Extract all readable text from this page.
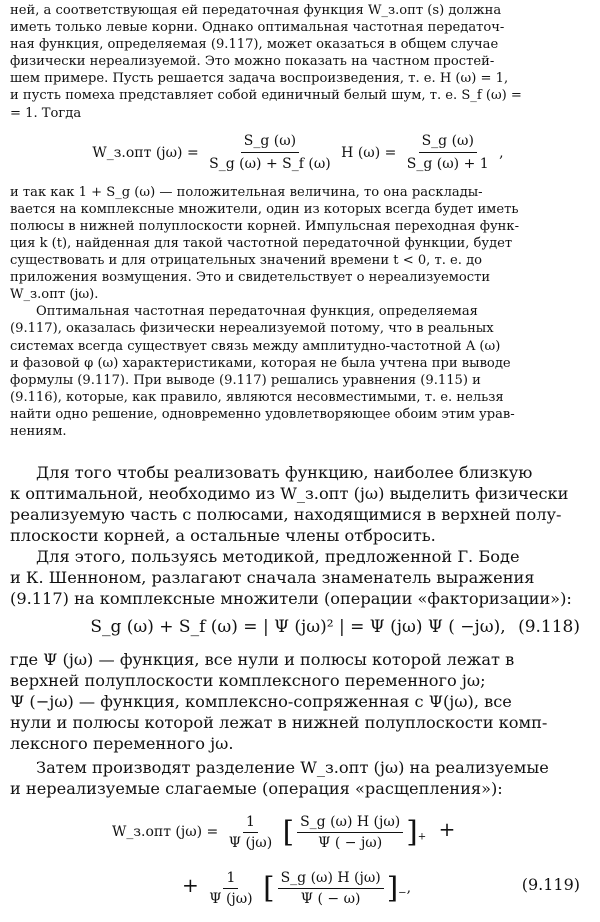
ней, а соответствующая ей передаточная функция W_з.опт (s) должна

иметь только левые корни. Однако оптимальная частотная передаточ-

ная функция, определяемая (9.117), может оказаться в общем случае

физически нереализуемой. Это можно показать на частном простей-

шем примере. Пусть решается задача воспроизведения, т. е. H (ω) = 1,

и пусть помеха представляет собой единичный белый шум, т. е. S_f (ω) =

= 1. Тогда

W_з.опт $(j\omega) = \frac{S\_g (\omega)}{S\_g (\omega) + S\_f (\omega)}$ H $(\omega) = \frac{S\_g (\omega)}{S\_g (\omega) + 1}$ ,

и так как 1 + S_g (ω) — положительная величина, то она расклады-

вается на комплексные множители, один из которых всегда будет иметь

полюсы в нижней полуплоскости корней. Импульсная переходная функ-

ция k (t), найденная для такой частотной передаточной функции, будет

существовать и для отрицательных значений времени t < 0, т. е. до

приложения возмущения. Это и свидетельствует о нереализуемости

W_з.опт (jω).

Оптимальная частотная передаточная функция, определяемая

(9.117), оказалась физически нереализуемой потому, что в реальных

системах всегда существует связь между амплитудно-частотной A (ω)

и фазовой φ (ω) характеристиками, которая не была учтена при выводе

формулы (9.117). При выводе (9.117) решались уравнения (9.115) и

(9.116), которые, как правило, являются несовместимыми, т. е. нельзя

найти одно решение, одновременно удовлетворяющее обоим этим урав-

нениям.

Для того чтобы реализовать функцию, наиболее близкую

к оптимальной, необходимо из W_з.опт (jω) выделить физически

реализуемую часть с полюсами, находящимися в верхней полу-

плоскости корней, а остальные члены отбросить.

Для этого, пользуясь методикой, предложенной Г. Боде

и К. Шенноном, разлагают сначала знаменатель выражения

(9.117) на комплексные множители (операции «факторизации»):

S_g (ω) + S_f (ω) = | Ψ (jω)² | = Ψ (jω) Ψ ( −jω), (9.118)

где Ψ (jω) — функция, все нули и полюсы которой лежат в

верхней полуплоскости комплексного переменного jω;

Ψ (−jω) — функция, комплексно-сопряженная с Ψ(jω), все

нули и полюсы которой лежат в нижней полуплоскости комп-

лексного переменного jω.

Затем производят разделение W_з.опт (jω) на реализуемые

и нереализуемые слагаемые (операция «расщепления»):

W_з.опт $(j\omega) = \frac{1}{\Psi (j\omega)}$ [ $\frac{S\_g (\omega) H (j\omega)}{\Psi ( - j\omega)} ]_+$ +
+ $\frac{1}{\Psi (j\omega)}$ [ $\frac{S\_g (\omega) H (j\omega)}{\Psi ( - \omega)} ]_-$,	(9.119)
